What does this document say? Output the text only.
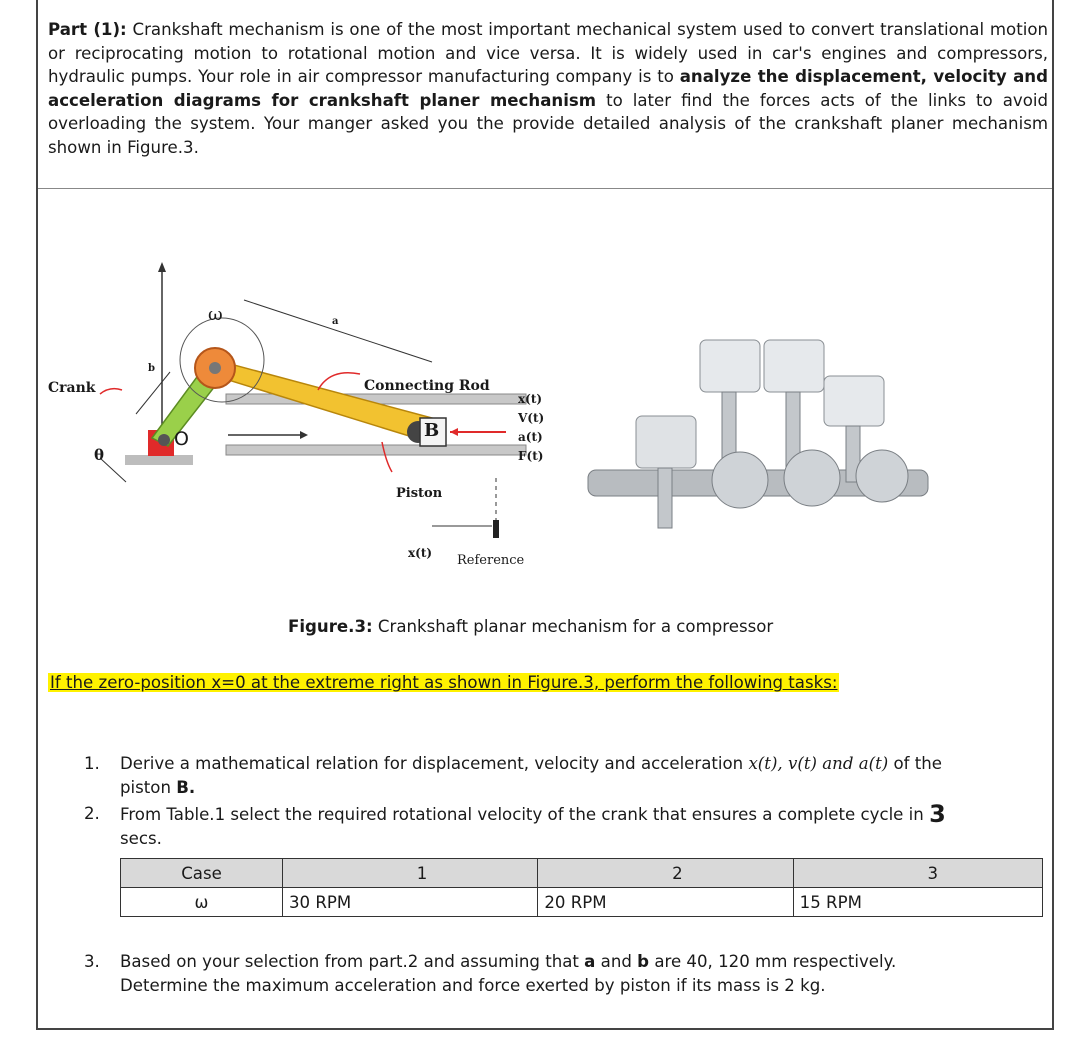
Part (1): Crankshaft mechanism is one of the most important mechanical system used to convert translational motion or reciprocating motion to rotational motion and vice versa. It is widely used in car's engines and compressors, hydraulic pumps. Your role in air compressor manufacturing company is to analyze the displacement, velocity and acceleration diagrams for crankshaft planer mechanism to later find the forces acts of the links to avoid overloading the system. Your manger asked you the provide detailed analysis of the crankshaft planer mechanism shown in Figure.3.
Crank
θ
ω	a
b
O	B
Connecting Rod
Piston
x(t) Reference
x(t)
V(t)
a(t)
F(t)
Figure.3: Crankshaft planar mechanism for a compressor
If the zero-position x=0 at the extreme right as shown in Figure.3, perform the following tasks:
1. Derive a mathematical relation for displacement, velocity and acceleration x(t), v(t) and a(t) of the
piston B.
2. From Table.1 select the required rotational velocity of the crank that ensures a complete cycle in 3
secs.
Case	1	2	3
ω	30 RPM	20 RPM	15 RPM
3. Based on your selection from part.2 and assuming that a and b are 40, 120 mm respectively.
Determine the maximum acceleration and force exerted by piston if its mass is 2 kg.
